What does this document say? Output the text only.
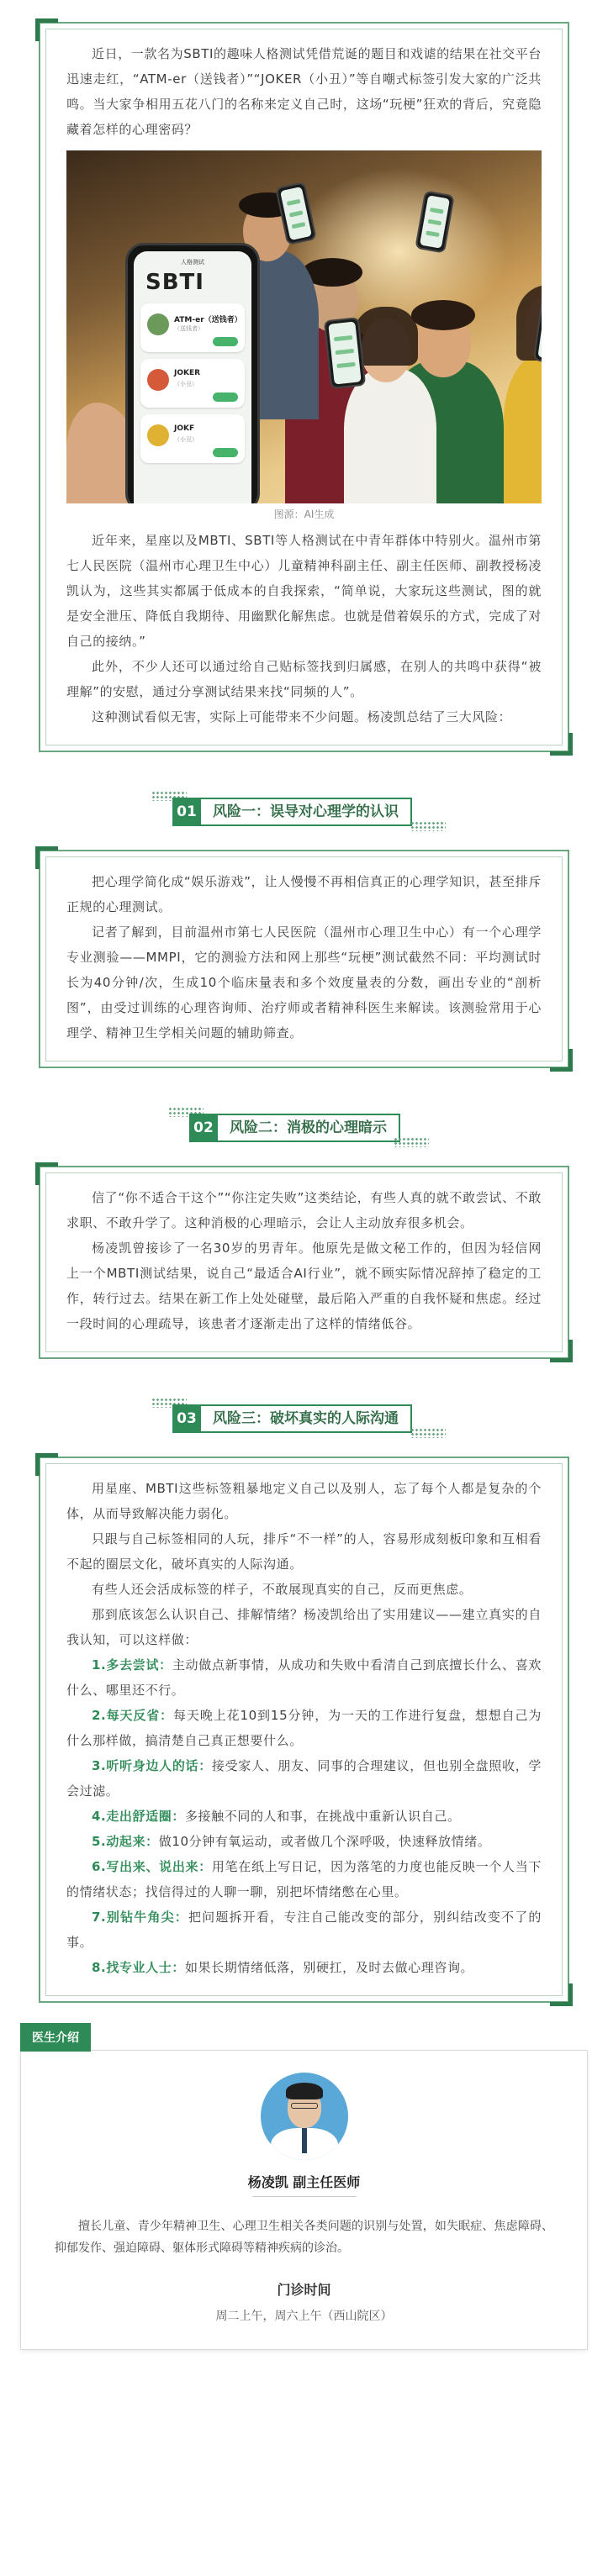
近日，一款名为SBTI的趣味人格测试凭借荒诞的题目和戏谑的结果在社交平台迅速走红，“ATM-er（送钱者）”“JOKER（小丑）”等自嘲式标签引发大家的广泛共鸣。当大家争相用五花八门的名称来定义自己时，这场“玩梗”狂欢的背后，究竟隐藏着怎样的心理密码？

人格测试
SBTI
ATM-er（送钱者）
（送钱者）
JOKER
（小丑）
JOKF
（小丑）
图源：AI生成

近年来，星座以及MBTI、SBTI等人格测试在中青年群体中特别火。温州市第七人民医院（温州市心理卫生中心）儿童精神科副主任、副主任医师、副教授杨凌凯认为，这些其实都属于低成本的自我探索，“简单说，大家玩这些测试，图的就是安全泄压、降低自我期待、用幽默化解焦虑。也就是借着娱乐的方式，完成了对自己的接纳。”

此外，不少人还可以通过给自己贴标签找到归属感，在别人的共鸣中获得“被理解”的安慰，通过分享测试结果来找“同频的人”。

这种测试看似无害，实际上可能带来不少问题。杨凌凯总结了三大风险：

01	风险一：误导对心理学的认识

把心理学简化成“娱乐游戏”，让人慢慢不再相信真正的心理学知识，甚至排斥正规的心理测试。

记者了解到，目前温州市第七人民医院（温州市心理卫生中心）有一个心理学专业测验——MMPI，它的测验方法和网上那些“玩梗”测试截然不同：平均测试时长为40分钟/次，生成10个临床量表和多个效度量表的分数，画出专业的“剖析图”，由受过训练的心理咨询师、治疗师或者精神科医生来解读。该测验常用于心理学、精神卫生学相关问题的辅助筛查。

02	风险二：消极的心理暗示

信了“你不适合干这个”“你注定失败”这类结论，有些人真的就不敢尝试、不敢求职、不敢升学了。这种消极的心理暗示，会让人主动放弃很多机会。

杨凌凯曾接诊了一名30岁的男青年。他原先是做文秘工作的，但因为轻信网上一个MBTI测试结果，说自己“最适合AI行业”，就不顾实际情况辞掉了稳定的工作，转行过去。结果在新工作上处处碰壁，最后陷入严重的自我怀疑和焦虑。经过一段时间的心理疏导，该患者才逐渐走出了这样的情绪低谷。

03	风险三：破坏真实的人际沟通

用星座、MBTI这些标签粗暴地定义自己以及别人，忘了每个人都是复杂的个体，从而导致解决能力弱化。

只跟与自己标签相同的人玩，排斥“不一样”的人，容易形成刻板印象和互相看不起的圈层文化，破坏真实的人际沟通。

有些人还会活成标签的样子，不敢展现真实的自己，反而更焦虑。

那到底该怎么认识自己、排解情绪？杨凌凯给出了实用建议——建立真实的自我认知，可以这样做：

1.多去尝试：主动做点新事情，从成功和失败中看清自己到底擅长什么、喜欢什么、哪里还不行。

2.每天反省：每天晚上花10到15分钟，为一天的工作进行复盘，想想自己为什么那样做，搞清楚自己真正想要什么。

3.听听身边人的话：接受家人、朋友、同事的合理建议，但也别全盘照收，学会过滤。

4.走出舒适圈：多接触不同的人和事，在挑战中重新认识自己。

5.动起来：做10分钟有氧运动，或者做几个深呼吸，快速释放情绪。

6.写出来、说出来：用笔在纸上写日记，因为落笔的力度也能反映一个人当下的情绪状态；找信得过的人聊一聊，别把坏情绪憋在心里。

7.别钻牛角尖：把问题拆开看，专注自己能改变的部分，别纠结改变不了的事。

8.找专业人士：如果长期情绪低落，别硬扛，及时去做心理咨询。

医生介绍
杨凌凯 副主任医师

擅长儿童、青少年精神卫生、心理卫生相关各类问题的识别与处置，如失眠症、焦虑障碍、抑郁发作、强迫障碍、躯体形式障碍等精神疾病的诊治。

门诊时间
周二上午，周六上午（西山院区）
